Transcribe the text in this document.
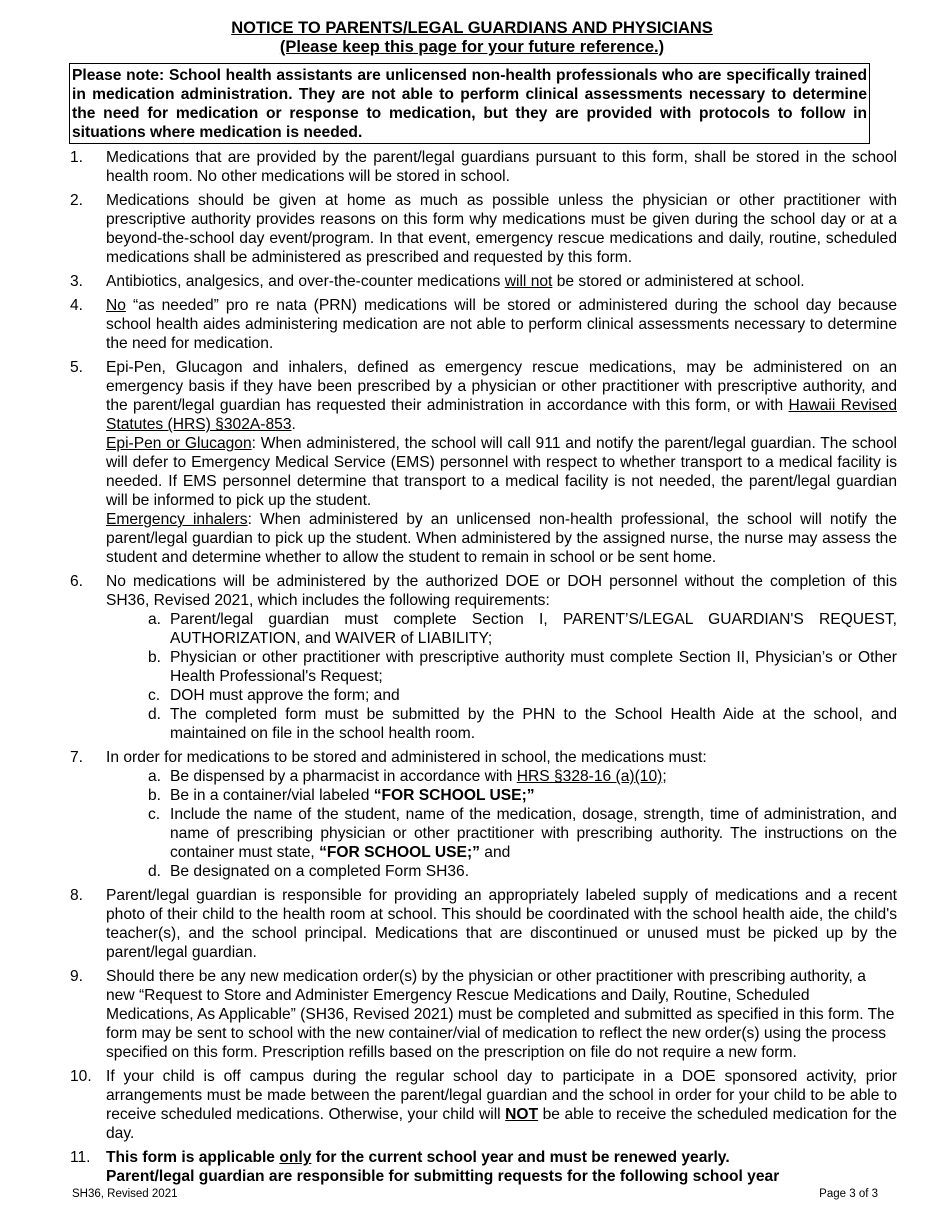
NOTICE TO PARENTS/LEGAL GUARDIANS AND PHYSICIANS
(Please keep this page for your future reference.)
Please note: School health assistants are unlicensed non-health professionals who are specifically trained in medication administration. They are not able to perform clinical assessments necessary to determine the need for medication or response to medication, but they are provided with protocols to follow in situations where medication is needed.
1. Medications that are provided by the parent/legal guardians pursuant to this form, shall be stored in the school health room. No other medications will be stored in school.
2. Medications should be given at home as much as possible unless the physician or other practitioner with prescriptive authority provides reasons on this form why medications must be given during the school day or at a beyond-the-school day event/program. In that event, emergency rescue medications and daily, routine, scheduled medications shall be administered as prescribed and requested by this form.
3. Antibiotics, analgesics, and over-the-counter medications will not be stored or administered at school.
4. No “as needed” pro re nata (PRN) medications will be stored or administered during the school day because school health aides administering medication are not able to perform clinical assessments necessary to determine the need for medication.
5. Epi-Pen, Glucagon and inhalers, defined as emergency rescue medications, may be administered on an emergency basis if they have been prescribed by a physician or other practitioner with prescriptive authority, and the parent/legal guardian has requested their administration in accordance with this form, or with Hawaii Revised Statutes (HRS) §302A-853.

Epi-Pen or Glucagon: When administered, the school will call 911 and notify the parent/legal guardian. The school will defer to Emergency Medical Service (EMS) personnel with respect to whether transport to a medical facility is needed. If EMS personnel determine that transport to a medical facility is not needed, the parent/legal guardian will be informed to pick up the student.

Emergency inhalers: When administered by an unlicensed non-health professional, the school will notify the parent/legal guardian to pick up the student. When administered by the assigned nurse, the nurse may assess the student and determine whether to allow the student to remain in school or be sent home.

6. No medications will be administered by the authorized DOE or DOH personnel without the completion of this SH36, Revised 2021, which includes the following requirements:
a. Parent/legal guardian must complete Section I, PARENT’S/LEGAL GUARDIAN'S REQUEST, AUTHORIZATION, and WAIVER of LIABILITY;
b. Physician or other practitioner with prescriptive authority must complete Section II, Physician’s or Other Health Professional's Request;
c. DOH must approve the form; and
d. The completed form must be submitted by the PHN to the School Health Aide at the school, and maintained on file in the school health room.
7. In order for medications to be stored and administered in school, the medications must:
a. Be dispensed by a pharmacist in accordance with HRS §328-16 (a)(10);
b. Be in a container/vial labeled “FOR SCHOOL USE;”
c. Include the name of the student, name of the medication, dosage, strength, time of administration, and name of prescribing physician or other practitioner with prescribing authority. The instructions on the container must state, “FOR SCHOOL USE;” and
d. Be designated on a completed Form SH36.
8. Parent/legal guardian is responsible for providing an appropriately labeled supply of medications and a recent photo of their child to the health room at school. This should be coordinated with the school health aide, the child's teacher(s), and the school principal. Medications that are discontinued or unused must be picked up by the parent/legal guardian.
9. Should there be any new medication order(s) by the physician or other practitioner with prescribing authority, a new “Request to Store and Administer Emergency Rescue Medications and Daily, Routine, Scheduled Medications, As Applicable” (SH36, Revised 2021) must be completed and submitted as specified in this form. The form may be sent to school with the new container/vial of medication to reflect the new order(s) using the process specified on this form. Prescription refills based on the prescription on file do not require a new form.
10. If your child is off campus during the regular school day to participate in a DOE sponsored activity, prior arrangements must be made between the parent/legal guardian and the school in order for your child to be able to receive scheduled medications. Otherwise, your child will NOT be able to receive the scheduled medication for the day.
11. This form is applicable only for the current school year and must be renewed yearly.
Parent/legal guardian are responsible for submitting requests for the following school year
SH36, Revised 2021	Page 3 of 3
